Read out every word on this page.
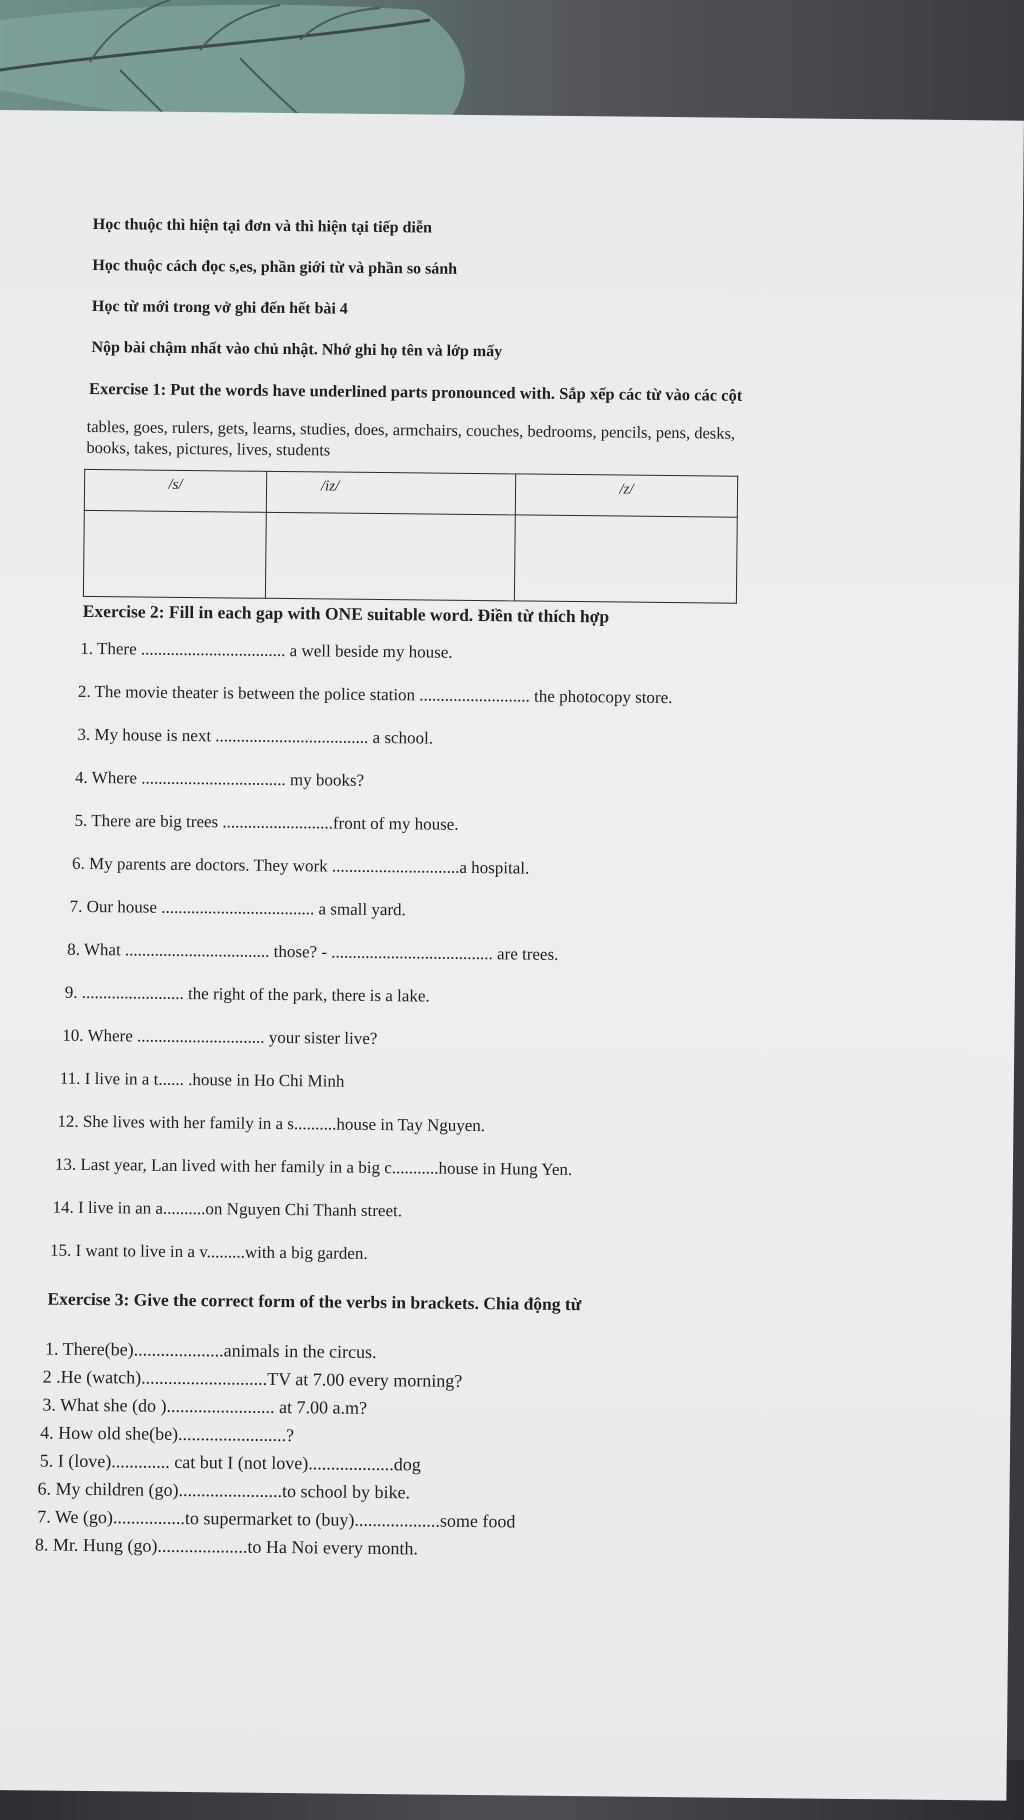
Học thuộc thì hiện tại đơn và thì hiện tại tiếp diễn
Học thuộc cách đọc s,es, phần giới từ và phần so sánh
Học từ mới trong vở ghi đến hết bài 4
Nộp bài chậm nhất vào chủ nhật. Nhớ ghi họ tên và lớp mấy
Exercise 1: Put the words have underlined parts pronounced with. Sắp xếp các từ vào các cột
tables, goes, rulers, gets, learns, studies, does, armchairs, couches, bedrooms, pencils, pens, desks,
books, takes, pictures, lives, students
/s/	/iz/	/z/

Exercise 2: Fill in each gap with ONE suitable word. Điền từ thích hợp
1. There .................................. a well beside my house.
2. The movie theater is between the police station .......................... the photocopy store.
3. My house is next .................................... a school.
4. Where .................................. my books?
5. There are big trees ..........................front of my house.
6. My parents are doctors. They work ..............................a hospital.
7. Our house .................................... a small yard.
8. What .................................. those? - ...................................... are trees.
9. ........................ the right of the park, there is a lake.
10. Where .............................. your sister live?
11. I live in a t...... .house in Ho Chi Minh
12. She lives with her family in a s..........house in Tay Nguyen.
13. Last year, Lan lived with her family in a big c...........house in Hung Yen.
14. I live in an a..........on Nguyen Chi Thanh street.
15. I want to live in a v.........with a big garden.
Exercise 3: Give the correct form of the verbs in brackets. Chia động từ
1. There(be)....................animals in the circus.
2 .He (watch)............................TV at 7.00 every morning?
3. What she (do )........................ at 7.00 a.m?
4. How old she(be)........................?
5. I (love)............. cat but I (not love)...................dog
6. My children (go).......................to school by bike.
7. We (go)................to supermarket to (buy)...................some food
8. Mr. Hung (go)....................to Ha Noi every month.
